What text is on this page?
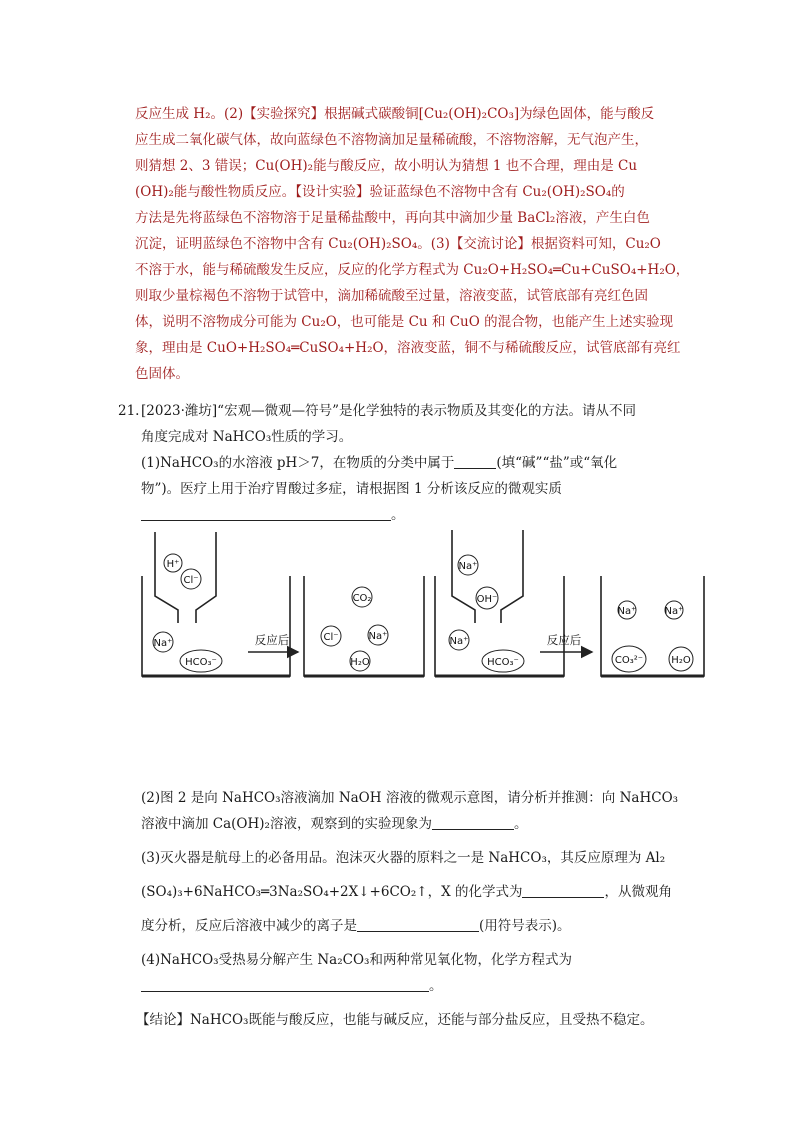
反应生成 H₂。(2)【实验探究】根据碱式碳酸铜[Cu₂(OH)₂CO₃]为绿色固体，能与酸反
应生成二氧化碳气体，故向蓝绿色不溶物滴加足量稀硫酸，不溶物溶解，无气泡产生，
则猜想 2、3 错误；Cu(OH)₂能与酸反应，故小明认为猜想 1 也不合理，理由是 Cu
(OH)₂能与酸性物质反应。【设计实验】验证蓝绿色不溶物中含有 Cu₂(OH)₂SO₄的
方法是先将蓝绿色不溶物溶于足量稀盐酸中，再向其中滴加少量 BaCl₂溶液，产生白色
沉淀，证明蓝绿色不溶物中含有 Cu₂(OH)₂SO₄。(3)【交流讨论】根据资料可知，Cu₂O
不溶于水，能与稀硫酸发生反应，反应的化学方程式为 Cu₂O+H₂SO₄═Cu+CuSO₄+H₂O，
则取少量棕褐色不溶物于试管中，滴加稀硫酸至过量，溶液变蓝，试管底部有亮红色固
体，说明不溶物成分可能为 Cu₂O，也可能是 Cu 和 CuO 的混合物，也能产生上述实验现
象，理由是 CuO+H₂SO₄═CuSO₄+H₂O，溶液变蓝，铜不与稀硫酸反应，试管底部有亮红
色固体。
21. [2023·潍坊]“宏观—微观—符号”是化学独特的表示物质及其变化的方法。请从不同
角度完成对 NaHCO₃性质的学习。
(1)NaHCO₃的水溶液 pH＞7，在物质的分类中属于	(填“碱”“盐”或“氧化
物”)。医疗上用于治疗胃酸过多症，请根据图 1 分析该反应的微观实质
。
H⁺
Cl⁻
Na⁺
HCO₃⁻
CO₂
Cl⁻	Na⁺
H₂O
Na⁺
OH⁻
Na⁺
HCO₃⁻
Na⁺	Na⁺
CO₃²⁻	H₂O
反应后	反应后
(2)图 2 是向 NaHCO₃溶液滴加 NaOH 溶液的微观示意图，请分析并推测：向 NaHCO₃
溶液中滴加 Ca(OH)₂溶液，观察到的实验现象为	。
(3)灭火器是航母上的必备用品。泡沫灭火器的原料之一是 NaHCO₃，其反应原理为 Al₂
(SO₄)₃+6NaHCO₃═3Na₂SO₄+2X↓+6CO₂↑，X 的化学式为	，从微观角
度分析，反应后溶液中减少的离子是	(用符号表示)。
(4)NaHCO₃受热易分解产生 Na₂CO₃和两种常见氧化物，化学方程式为
。
【结论】NaHCO₃既能与酸反应，也能与碱反应，还能与部分盐反应，且受热不稳定。
